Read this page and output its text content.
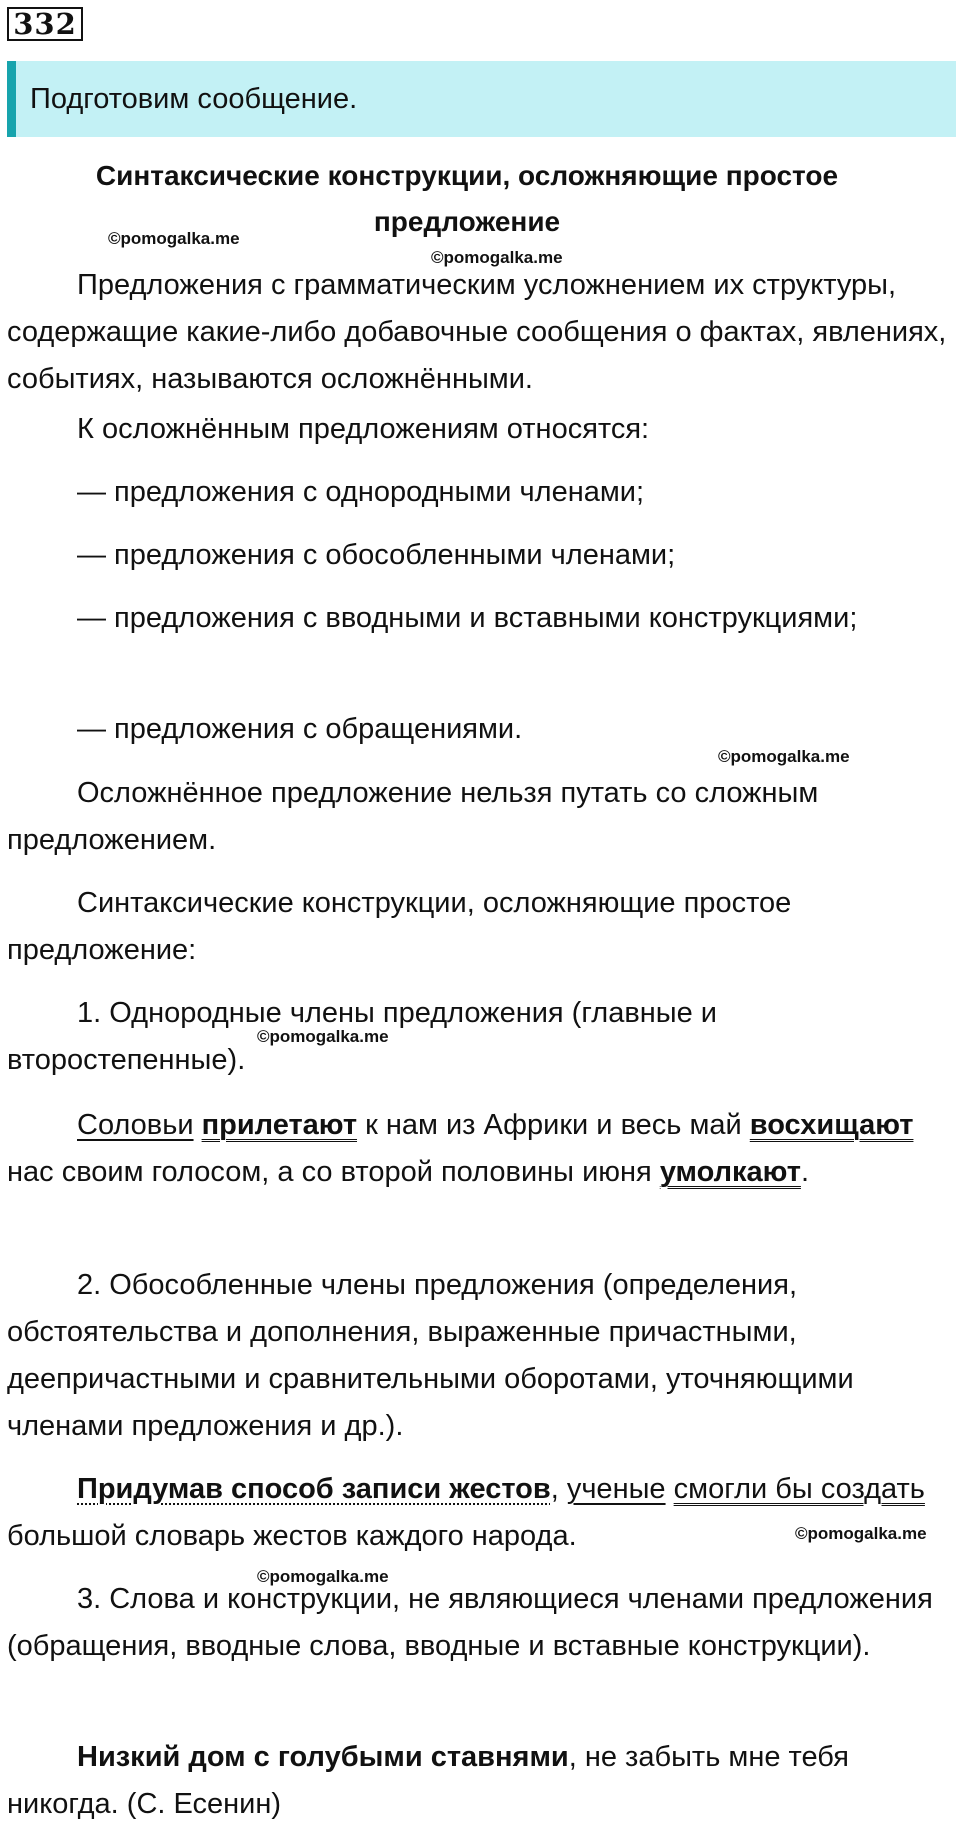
332
Подготовим сообщение.
Синтаксические конструкции, осложняющие простое
предложение
©pomogalka.me
©pomogalka.me

Предложения с грамматическим усложнением их структуры, содержащие какие-либо добавочные сообщения о фактах, явлениях, событиях, называются осложнёнными.

К осложнённым предложениям относятся:

— предложения с однородными членами;

— предложения с обособленными членами;

— предложения с вводными и вставными конструкциями;

— предложения с обращениями.

©pomogalka.me

Осложнённое предложение нельзя путать со сложным предложением.

Синтаксические конструкции, осложняющие простое предложение:

1. Однородные члены предложения (главные и второстепенные).

©pomogalka.me

Соловьи прилетают к нам из Африки и весь май восхищают нас своим голосом, а со второй половины июня умолкают.

2. Обособленные члены предложения (определения, обстоятельства и дополнения, выраженные причастными, деепричастными и сравнительными оборотами, уточняющими членами предложения и др.).

Придумав способ записи жестов, ученые смогли бы создать большой словарь жестов каждого народа.	©pomogalka.me
©pomogalka.me

3. Слова и конструкции, не являющиеся членами предложения (обращения, вводные слова, вводные и вставные конструкции).

Низкий дом с голубыми ставнями, не забыть мне тебя никогда. (С. Есенин)
